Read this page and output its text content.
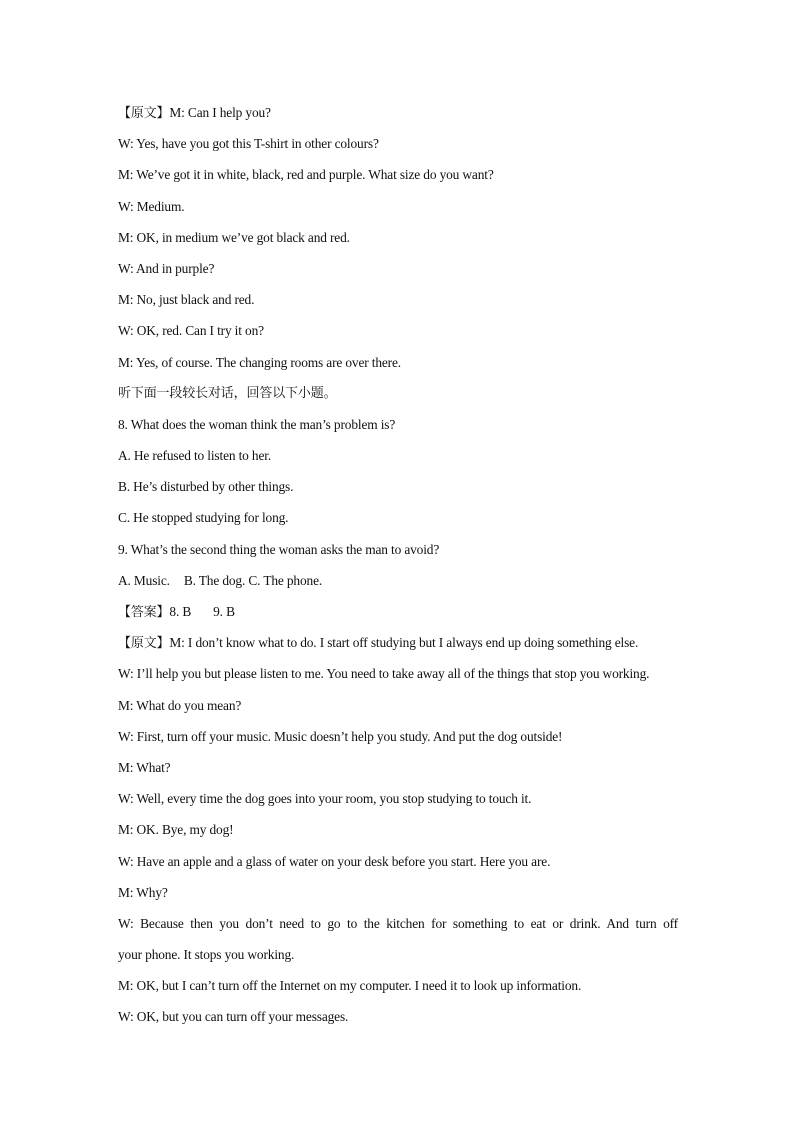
【原文】M: Can I help you?
W: Yes, have you got this T-shirt in other colours?
M: We’ve got it in white, black, red and purple. What size do you want?
W: Medium.
M: OK, in medium we’ve got black and red.
W: And in purple?
M: No, just black and red.
W: OK, red. Can I try it on?
M: Yes, of course. The changing rooms are over there.
听下面一段较长对话，回答以下小题。
8. What does the woman think the man’s problem is?
A. He refused to listen to her.
B. He’s disturbed by other things.
C. He stopped studying for long.
9. What’s the second thing the woman asks the man to avoid?
A. Music. B. The dog. C. The phone.
【答案】8. B 9. B
【原文】M: I don’t know what to do. I start off studying but I always end up doing something else.
W: I’ll help you but please listen to me. You need to take away all of the things that stop you working.
M: What do you mean?
W: First, turn off your music. Music doesn’t help you study. And put the dog outside!
M: What?
W: Well, every time the dog goes into your room, you stop studying to touch it.
M: OK. Bye, my dog!
W: Have an apple and a glass of water on your desk before you start. Here you are.
M: Why?
W: Because then you don’t need to go to the kitchen for something to eat or drink. And turn off
your phone. It stops you working.
M: OK, but I can’t turn off the Internet on my computer. I need it to look up information.
W: OK, but you can turn off your messages.
